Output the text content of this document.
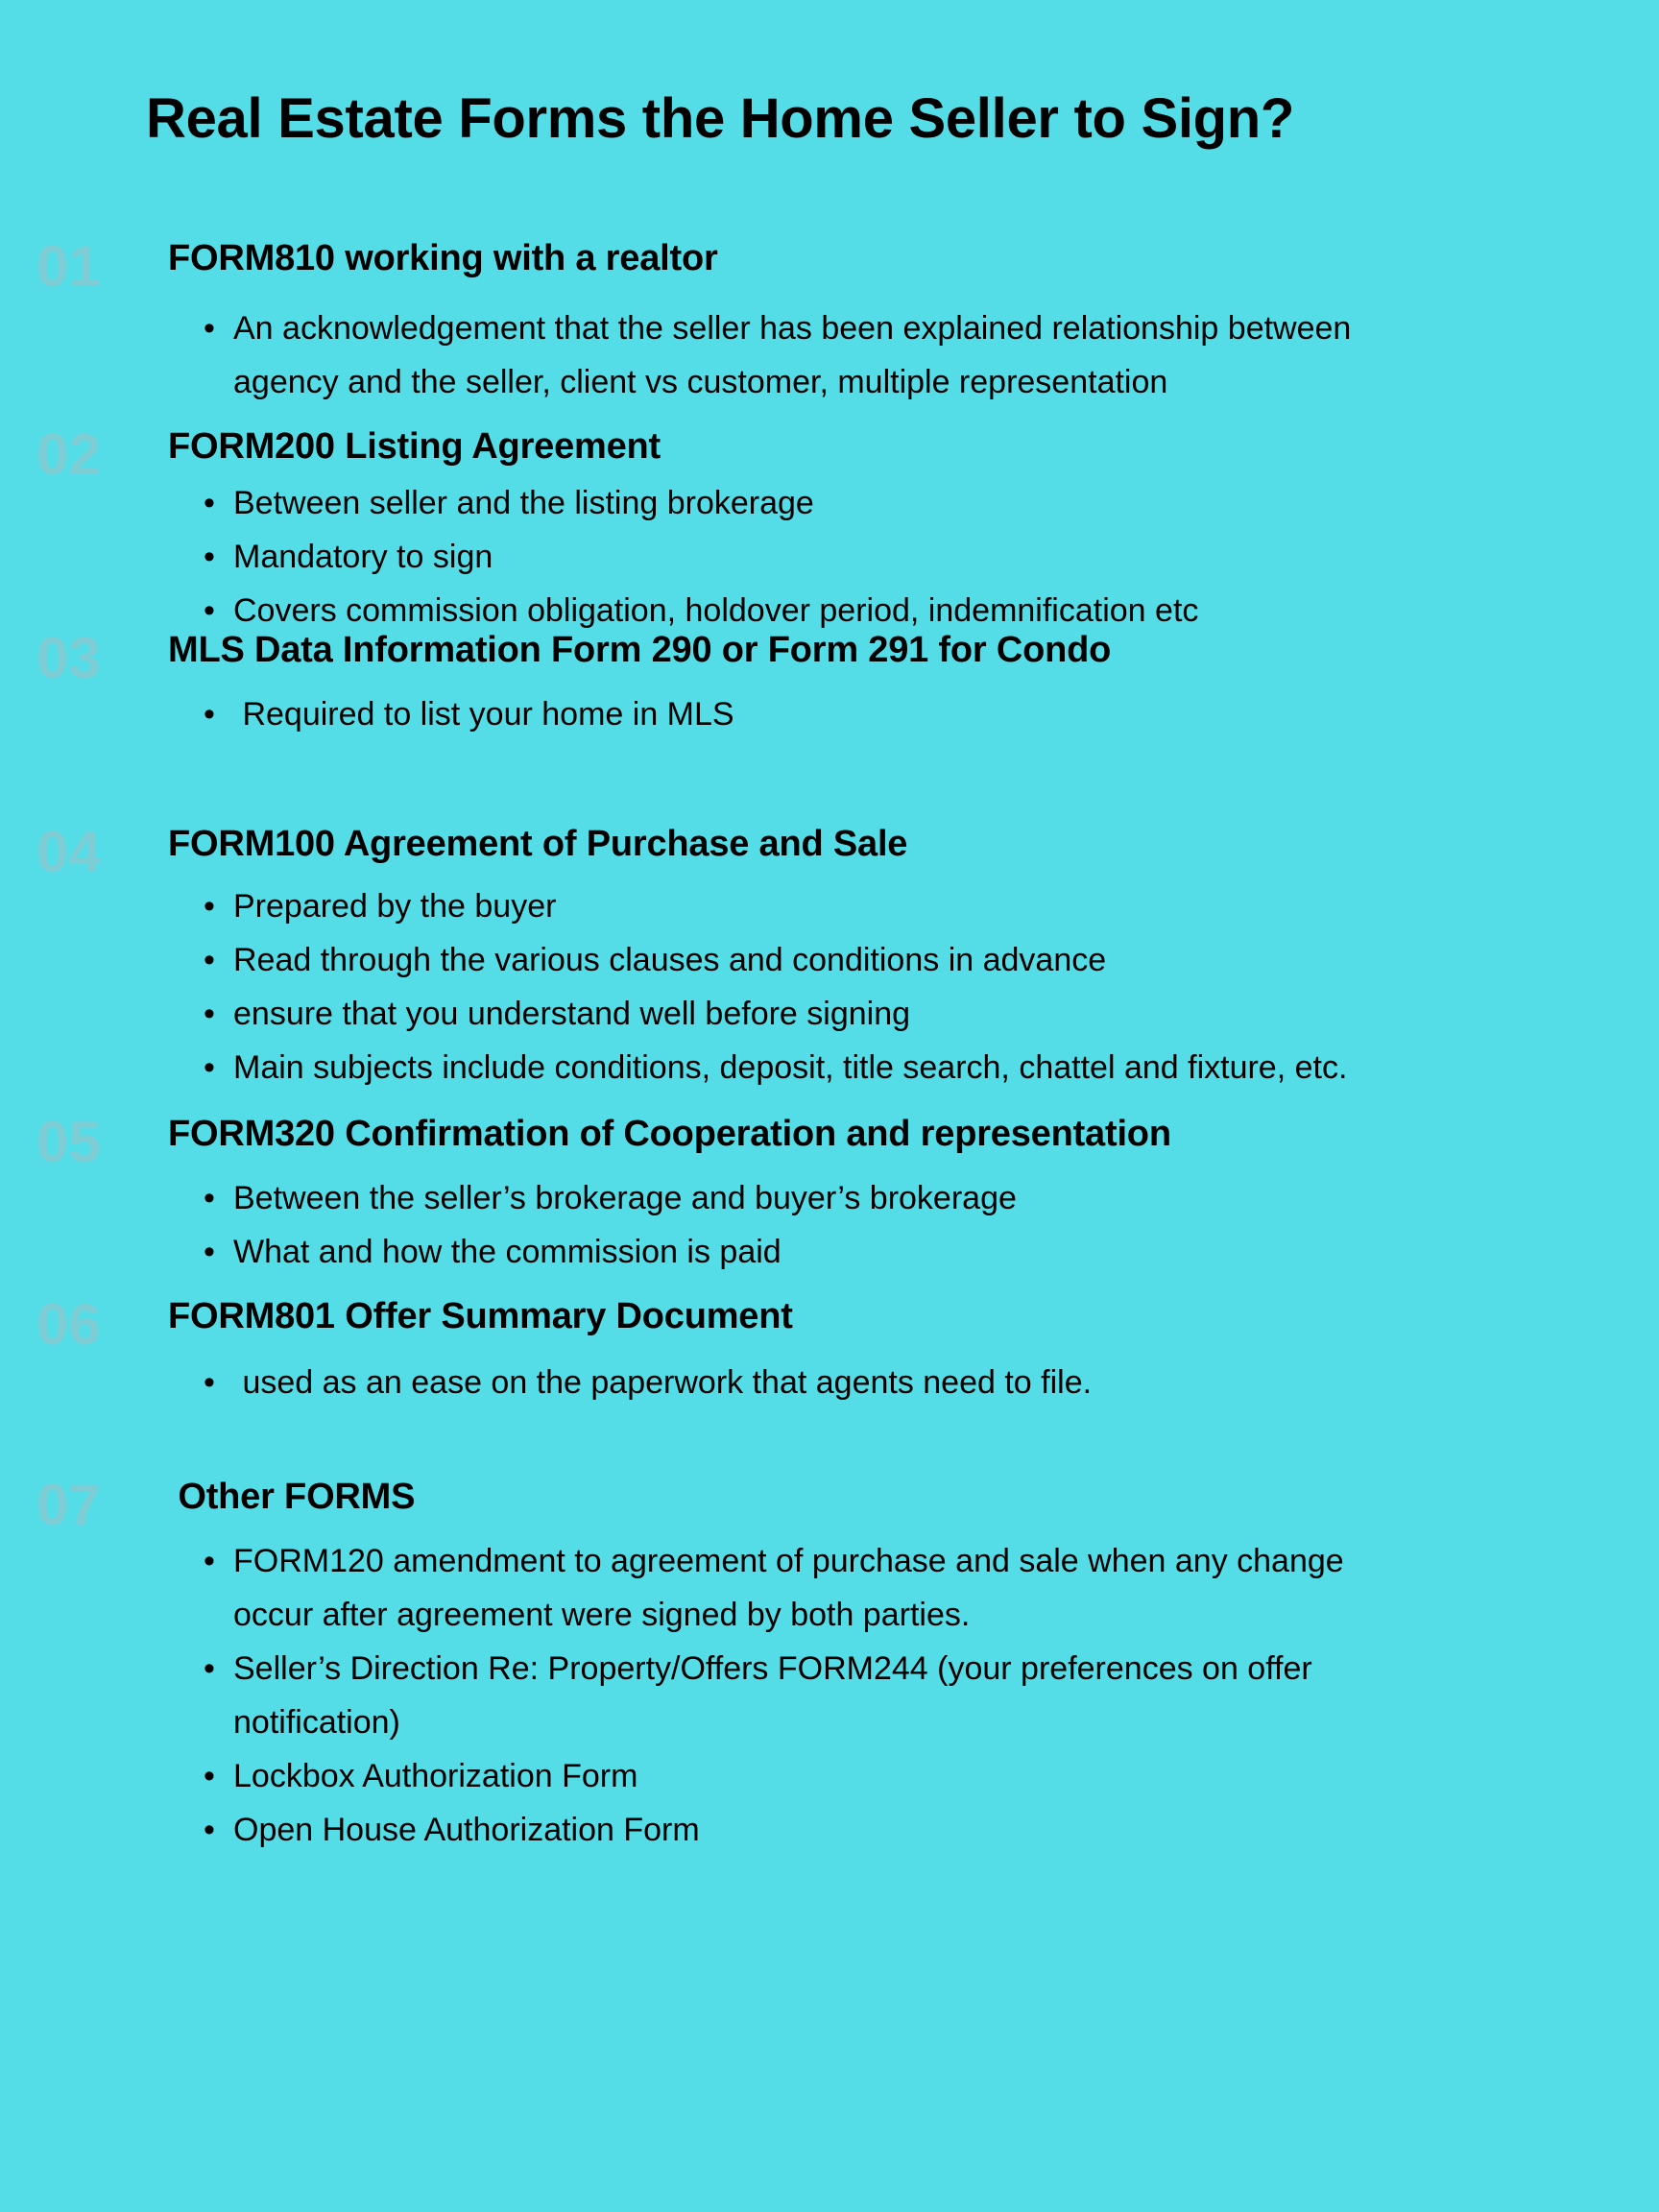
Real Estate Forms the Home Seller to Sign?
01	FORM810 working with a realtor
• An acknowledgement that the seller has been explained relationship between agency and the seller, client vs customer, multiple representation
02	FORM200 Listing Agreement
• Between seller and the listing brokerage
• Mandatory to sign
• Covers commission obligation, holdover period, indemnification etc
03	MLS Data Information Form 290 or Form 291 for Condo
• Required to list your home in MLS
04	FORM100 Agreement of Purchase and Sale
• Prepared by the buyer
• Read through the various clauses and conditions in advance
• ensure that you understand well before signing
• Main subjects include conditions, deposit, title search, chattel and fixture, etc.
05	FORM320 Confirmation of Cooperation and representation
• Between the seller’s brokerage and buyer’s brokerage
• What and how the commission is paid
06	FORM801 Offer Summary Document
• used as an ease on the paperwork that agents need to file.
07	Other FORMS
• FORM120 amendment to agreement of purchase and sale when any change occur after agreement were signed by both parties.
• Seller’s Direction Re: Property/Offers FORM244 (your preferences on offer notification)
• Lockbox Authorization Form
• Open House Authorization Form
